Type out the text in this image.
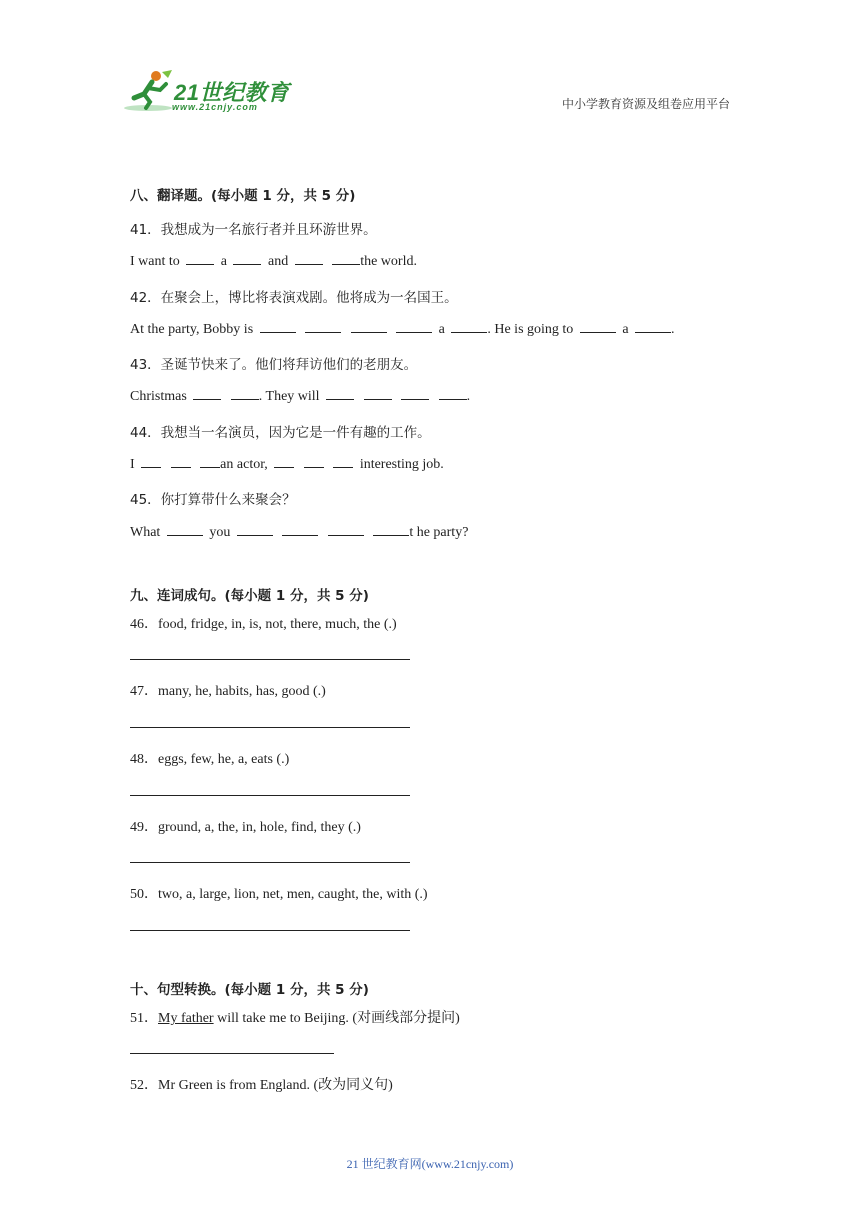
21世纪教育
www.21cnjy.com	中小学教育资源及组卷应用平台
八、翻译题。(每小题 1 分，共 5 分)
41．我想成为一名旅行者并且环游世界。
I want to	a	and	the world.
42．在聚会上，博比将表演戏剧。他将成为一名国王。
At the party, Bobby is	a	. He is going to	a	.
43．圣诞节快来了。他们将拜访他们的老朋友。
Christmas	. They will	.
44．我想当一名演员，因为它是一件有趣的工作。
I	an actor,	interesting job.
45．你打算带什么来聚会？
What	you	t he party?
九、连词成句。(每小题 1 分，共 5 分)
46．food, fridge, in, is, not, there, much, the (.)
47．many, he, habits, has, good (.)
48．eggs, few, he, a, eats (.)
49．ground, a, the, in, hole, find, they (.)
50．two, a, large, lion, net, men, caught, the, with (.)
十、句型转换。(每小题 1 分，共 5 分)
51．My father will take me to Beijing. (对画线部分提问)
52．Mr Green is from England. (改为同义句)
21 世纪教育网(www.21cnjy.com)
